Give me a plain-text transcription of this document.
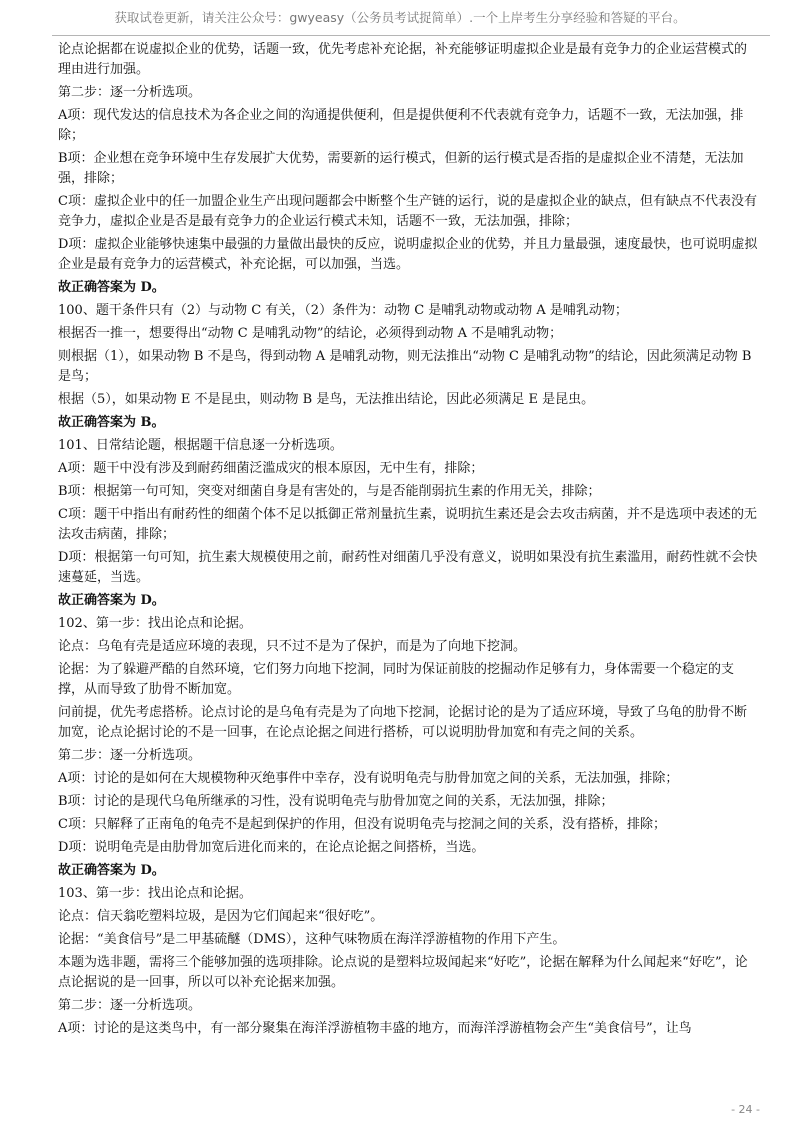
获取试卷更新，请关注公众号：gwyeasy（公务员考试捉简单）.一个上岸考生分享经验和答疑的平台。

论点论据都在说虚拟企业的优势，话题一致，优先考虑补充论据，补充能够证明虚拟企业是最有竞争力的企业运营模式的理由进行加强。

第二步：逐一分析选项。

A项：现代发达的信息技术为各企业之间的沟通提供便利，但是提供便利不代表就有竞争力，话题不一致，无法加强，排除；

B项：企业想在竞争环境中生存发展扩大优势，需要新的运行模式，但新的运行模式是否指的是虚拟企业不清楚，无法加强，排除；

C项：虚拟企业中的任一加盟企业生产出现问题都会中断整个生产链的运行，说的是虚拟企业的缺点，但有缺点不代表没有竞争力，虚拟企业是否是最有竞争力的企业运行模式未知，话题不一致，无法加强，排除；

D项：虚拟企业能够快速集中最强的力量做出最快的反应，说明虚拟企业的优势，并且力量最强，速度最快，也可说明虚拟企业是最有竞争力的运营模式，补充论据，可以加强，当选。

故正确答案为 D。

100、题干条件只有（2）与动物 C 有关，（2）条件为：动物 C 是哺乳动物或动物 A 是哺乳动物；

根据否一推一，想要得出“动物 C 是哺乳动物”的结论，必须得到动物 A 不是哺乳动物；

则根据（1），如果动物 B 不是鸟，得到动物 A 是哺乳动物，则无法推出“动物 C 是哺乳动物”的结论，因此须满足动物 B 是鸟；

根据（5），如果动物 E 不是昆虫，则动物 B 是鸟，无法推出结论，因此必须满足 E 是昆虫。

故正确答案为 B。

101、日常结论题，根据题干信息逐一分析选项。

A项：题干中没有涉及到耐药细菌泛滥成灾的根本原因，无中生有，排除；

B项：根据第一句可知，突变对细菌自身是有害处的，与是否能削弱抗生素的作用无关，排除；

C项：题干中指出有耐药性的细菌个体不足以抵御正常剂量抗生素，说明抗生素还是会去攻击病菌，并不是选项中表述的无法攻击病菌，排除；

D项：根据第一句可知，抗生素大规模使用之前，耐药性对细菌几乎没有意义，说明如果没有抗生素滥用，耐药性就不会快速蔓延，当选。

故正确答案为 D。

102、第一步：找出论点和论据。

论点：乌龟有壳是适应环境的表现，只不过不是为了保护，而是为了向地下挖洞。

论据：为了躲避严酷的自然环境，它们努力向地下挖洞，同时为保证前肢的挖掘动作足够有力，身体需要一个稳定的支撑，从而导致了肋骨不断加宽。

问前提，优先考虑搭桥。论点讨论的是乌龟有壳是为了向地下挖洞，论据讨论的是为了适应环境，导致了乌龟的肋骨不断加宽，论点论据讨论的不是一回事，在论点论据之间进行搭桥，可以说明肋骨加宽和有壳之间的关系。

第二步：逐一分析选项。

A项：讨论的是如何在大规模物种灭绝事件中幸存，没有说明龟壳与肋骨加宽之间的关系，无法加强，排除；

B项：讨论的是现代乌龟所继承的习性，没有说明龟壳与肋骨加宽之间的关系，无法加强，排除；

C项：只解释了正南龟的龟壳不是起到保护的作用，但没有说明龟壳与挖洞之间的关系，没有搭桥，排除；

D项：说明龟壳是由肋骨加宽后进化而来的，在论点论据之间搭桥，当选。

故正确答案为 D。

103、第一步：找出论点和论据。

论点：信天翁吃塑料垃圾，是因为它们闻起来“很好吃”。

论据：“美食信号”是二甲基硫醚（DMS），这种气味物质在海洋浮游植物的作用下产生。

本题为选非题，需将三个能够加强的选项排除。论点说的是塑料垃圾闻起来“好吃”，论据在解释为什么闻起来“好吃”，论点论据说的是一回事，所以可以补充论据来加强。

第二步：逐一分析选项。

A项：讨论的是这类鸟中，有一部分聚集在海洋浮游植物丰盛的地方，而海洋浮游植物会产生“美食信号”，让鸟

- 24 -
